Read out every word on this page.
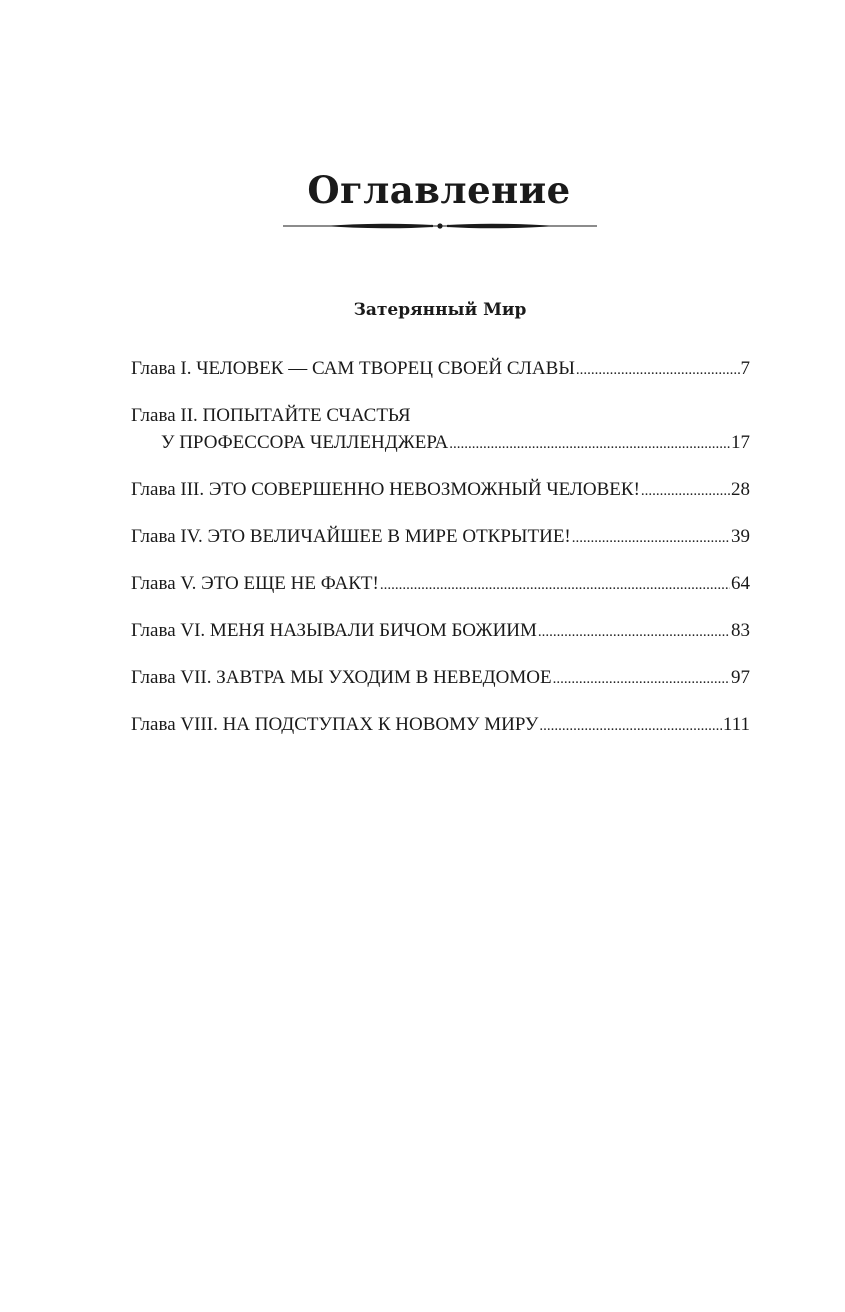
Оглавление
Затерянный Мир
Глава I. ЧЕЛОВЕК — САМ ТВОРЕЦ СВОЕЙ СЛАВЫ .....	7
Глава II. ПОПЫТАЙТЕ СЧАСТЬЯ
У ПРОФЕССОРА ЧЕЛЛЕНДЖЕРА .....	17
Глава III. ЭТО СОВЕРШЕННО НЕВОЗМОЖНЫЙ ЧЕЛОВЕК! .....	28
Глава IV. ЭТО ВЕЛИЧАЙШЕЕ В МИРЕ ОТКРЫТИЕ! .....	39
Глава V. ЭТО ЕЩЕ НЕ ФАКТ! .....	64
Глава VI. МЕНЯ НАЗЫВАЛИ БИЧОМ БОЖИИМ .....	83
Глава VII. ЗАВТРА МЫ УХОДИМ В НЕВЕДОМОЕ .....	97
Глава VIII. НА ПОДСТУПАХ К НОВОМУ МИРУ .....	111
